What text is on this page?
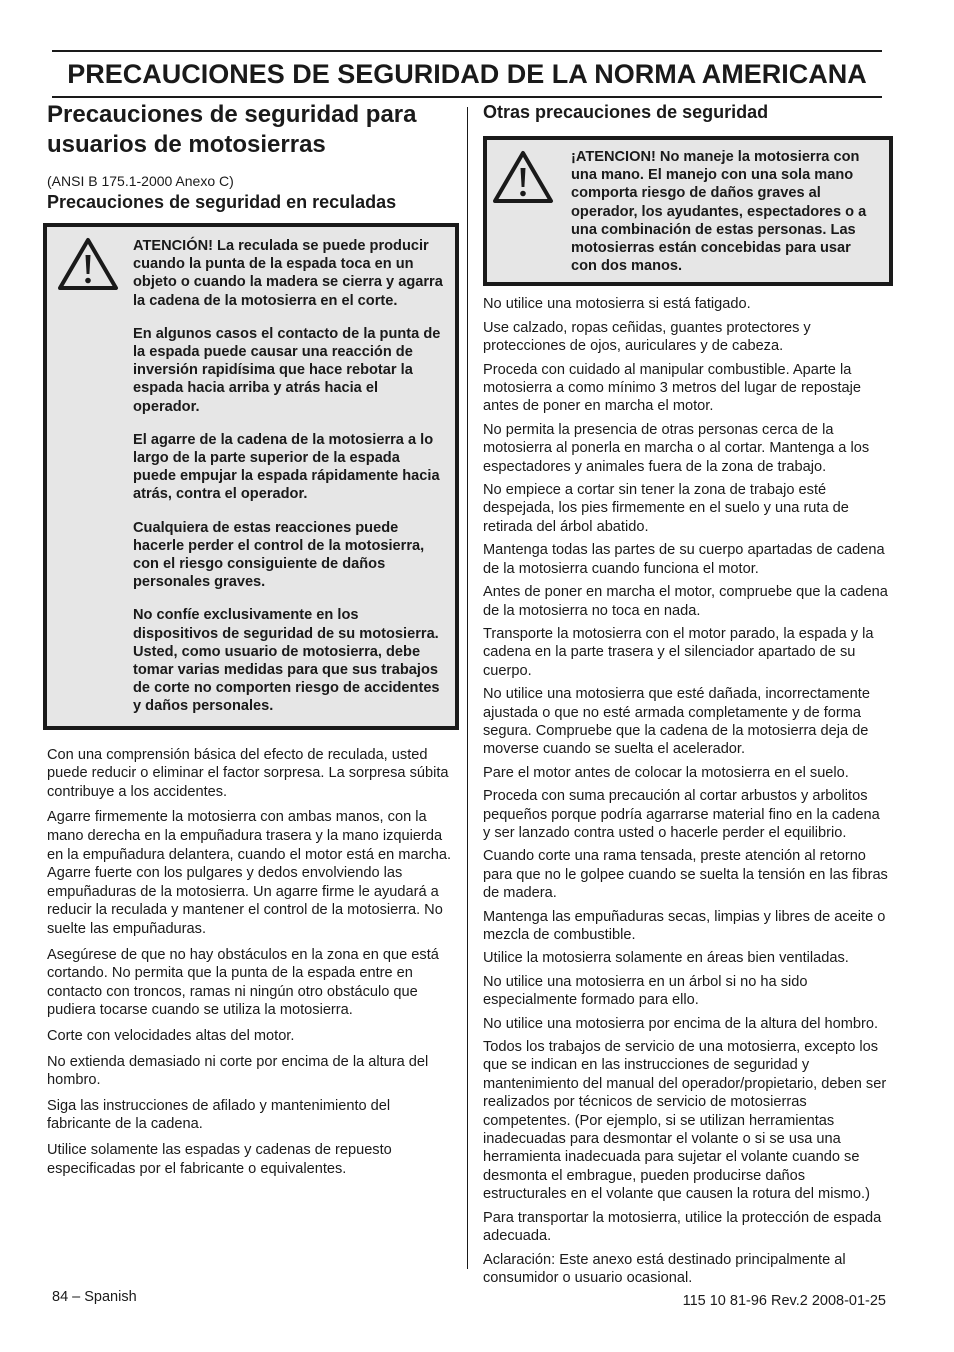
PRECAUCIONES DE SEGURIDAD DE LA NORMA AMERICANA
Precauciones de seguridad para
usuarios de motosierras

(ANSI B 175.1-2000 Anexo C)

Precauciones de seguridad en reculadas

ATENCIÓN! La reculada se puede producir cuando la punta de la espada toca en un objeto o cuando la madera se cierra y agarra la cadena de la motosierra en el corte.

En algunos casos el contacto de la punta de la espada puede causar una reacción de inversión rapidísima que hace rebotar la espada hacia arriba y atrás hacia el operador.

El agarre de la cadena de la motosierra a lo largo de la parte superior de la espada puede empujar la espada rápidamente hacia atrás, contra el operador.

Cualquiera de estas reacciones puede hacerle perder el control de la motosierra, con el riesgo consiguiente de daños personales graves.

No confíe exclusivamente en los dispositivos de seguridad de su motosierra. Usted, como usuario de motosierra, debe tomar varias medidas para que sus trabajos de corte no comporten riesgo de accidentes y daños personales.

Con una comprensión básica del efecto de reculada, usted puede reducir o eliminar el factor sorpresa. La sorpresa súbita contribuye a los accidentes.

Agarre firmemente la motosierra con ambas manos, con la mano derecha en la empuñadura trasera y la mano izquierda en la empuñadura delantera, cuando el motor está en marcha. Agarre fuerte con los pulgares y dedos envolviendo las empuñaduras de la motosierra. Un agarre firme le ayudará a reducir la reculada y mantener el control de la motosierra. No suelte las empuñaduras.

Asegúrese de que no hay obstáculos en la zona en que está cortando. No permita que la punta de la espada entre en contacto con troncos, ramas ni ningún otro obstáculo que pudiera tocarse cuando se utiliza la motosierra.

Corte con velocidades altas del motor.

No extienda demasiado ni corte por encima de la altura del hombro.

Siga las instrucciones de afilado y mantenimiento del fabricante de la cadena.

Utilice solamente las espadas y cadenas de repuesto especificadas por el fabricante o equivalentes.

Otras precauciones de seguridad

¡ATENCION! No maneje la motosierra con una mano. El manejo con una sola mano comporta riesgo de daños graves al operador, los ayudantes, espectadores o a una combinación de estas personas. Las motosierras están concebidas para usar con dos manos.

No utilice una motosierra si está fatigado.

Use calzado, ropas ceñidas, guantes protectores y protecciones de ojos, auriculares y de cabeza.

Proceda con cuidado al manipular combustible. Aparte la motosierra a como mínimo 3 metros del lugar de repostaje antes de poner en marcha el motor.

No permita la presencia de otras personas cerca de la motosierra al ponerla en marcha o al cortar. Mantenga a los espectadores y animales fuera de la zona de trabajo.

No empiece a cortar sin tener la zona de trabajo esté despejada, los pies firmemente en el suelo y una ruta de retirada del árbol abatido.

Mantenga todas las partes de su cuerpo apartadas de cadena de la motosierra cuando funciona el motor.

Antes de poner en marcha el motor, compruebe que la cadena de la motosierra no toca en nada.

Transporte la motosierra con el motor parado, la espada y la cadena en la parte trasera y el silenciador apartado de su cuerpo.

No utilice una motosierra que esté dañada, incorrectamente ajustada o que no esté armada completamente y de forma segura. Compruebe que la cadena de la motosierra deja de moverse cuando se suelta el acelerador.

Pare el motor antes de colocar la motosierra en el suelo.

Proceda con suma precaución al cortar arbustos y arbolitos pequeños porque podría agarrarse material fino en la cadena y ser lanzado contra usted o hacerle perder el equilibrio.

Cuando corte una rama tensada, preste atención al retorno para que no le golpee cuando se suelta la tensión en las fibras de madera.

Mantenga las empuñaduras secas, limpias y libres de aceite o mezcla de combustible.

Utilice la motosierra solamente en áreas bien ventiladas.

No utilice una motosierra en un árbol si no ha sido especialmente formado para ello.

No utilice una motosierra por encima de la altura del hombro.

Todos los trabajos de servicio de una motosierra, excepto los que se indican en las instrucciones de seguridad y mantenimiento del manual del operador/propietario, deben ser realizados por técnicos de servicio de motosierras competentes. (Por ejemplo, si se utilizan herramientas inadecuadas para desmontar el volante o si se usa una herramienta inadecuada para sujetar el volante cuando se desmonta el embrague, pueden producirse daños estructurales en el volante que causen la rotura del mismo.)

Para transportar la motosierra, utilice la protección de espada adecuada.

Aclaración: Este anexo está destinado principalmente al consumidor o usuario ocasional.

84 – Spanish	115 10 81-96 Rev.2 2008-01-25
